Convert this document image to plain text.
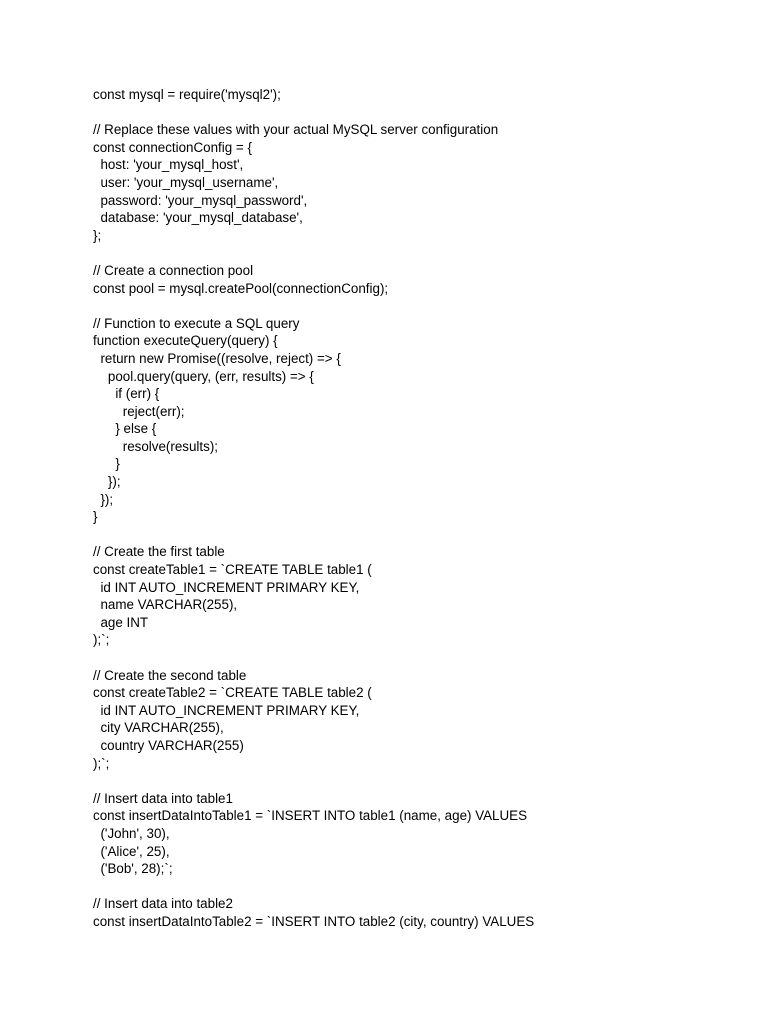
const mysql = require('mysql2');
// Replace these values with your actual MySQL server configuration
const connectionConfig = {
host: 'your_mysql_host',
user: 'your_mysql_username',
password: 'your_mysql_password',
database: 'your_mysql_database',
};
// Create a connection pool
const pool = mysql.createPool(connectionConfig);
// Function to execute a SQL query
function executeQuery(query) {
return new Promise((resolve, reject) => {
pool.query(query, (err, results) => {
if (err) {
reject(err);
} else {
resolve(results);
}
});
});
}
// Create the first table
const createTable1 = `CREATE TABLE table1 (
id INT AUTO_INCREMENT PRIMARY KEY,
name VARCHAR(255),
age INT
);`;
// Create the second table
const createTable2 = `CREATE TABLE table2 (
id INT AUTO_INCREMENT PRIMARY KEY,
city VARCHAR(255),
country VARCHAR(255)
);`;
// Insert data into table1
const insertDataIntoTable1 = `INSERT INTO table1 (name, age) VALUES
('John', 30),
('Alice', 25),
('Bob', 28);`;
// Insert data into table2
const insertDataIntoTable2 = `INSERT INTO table2 (city, country) VALUES
